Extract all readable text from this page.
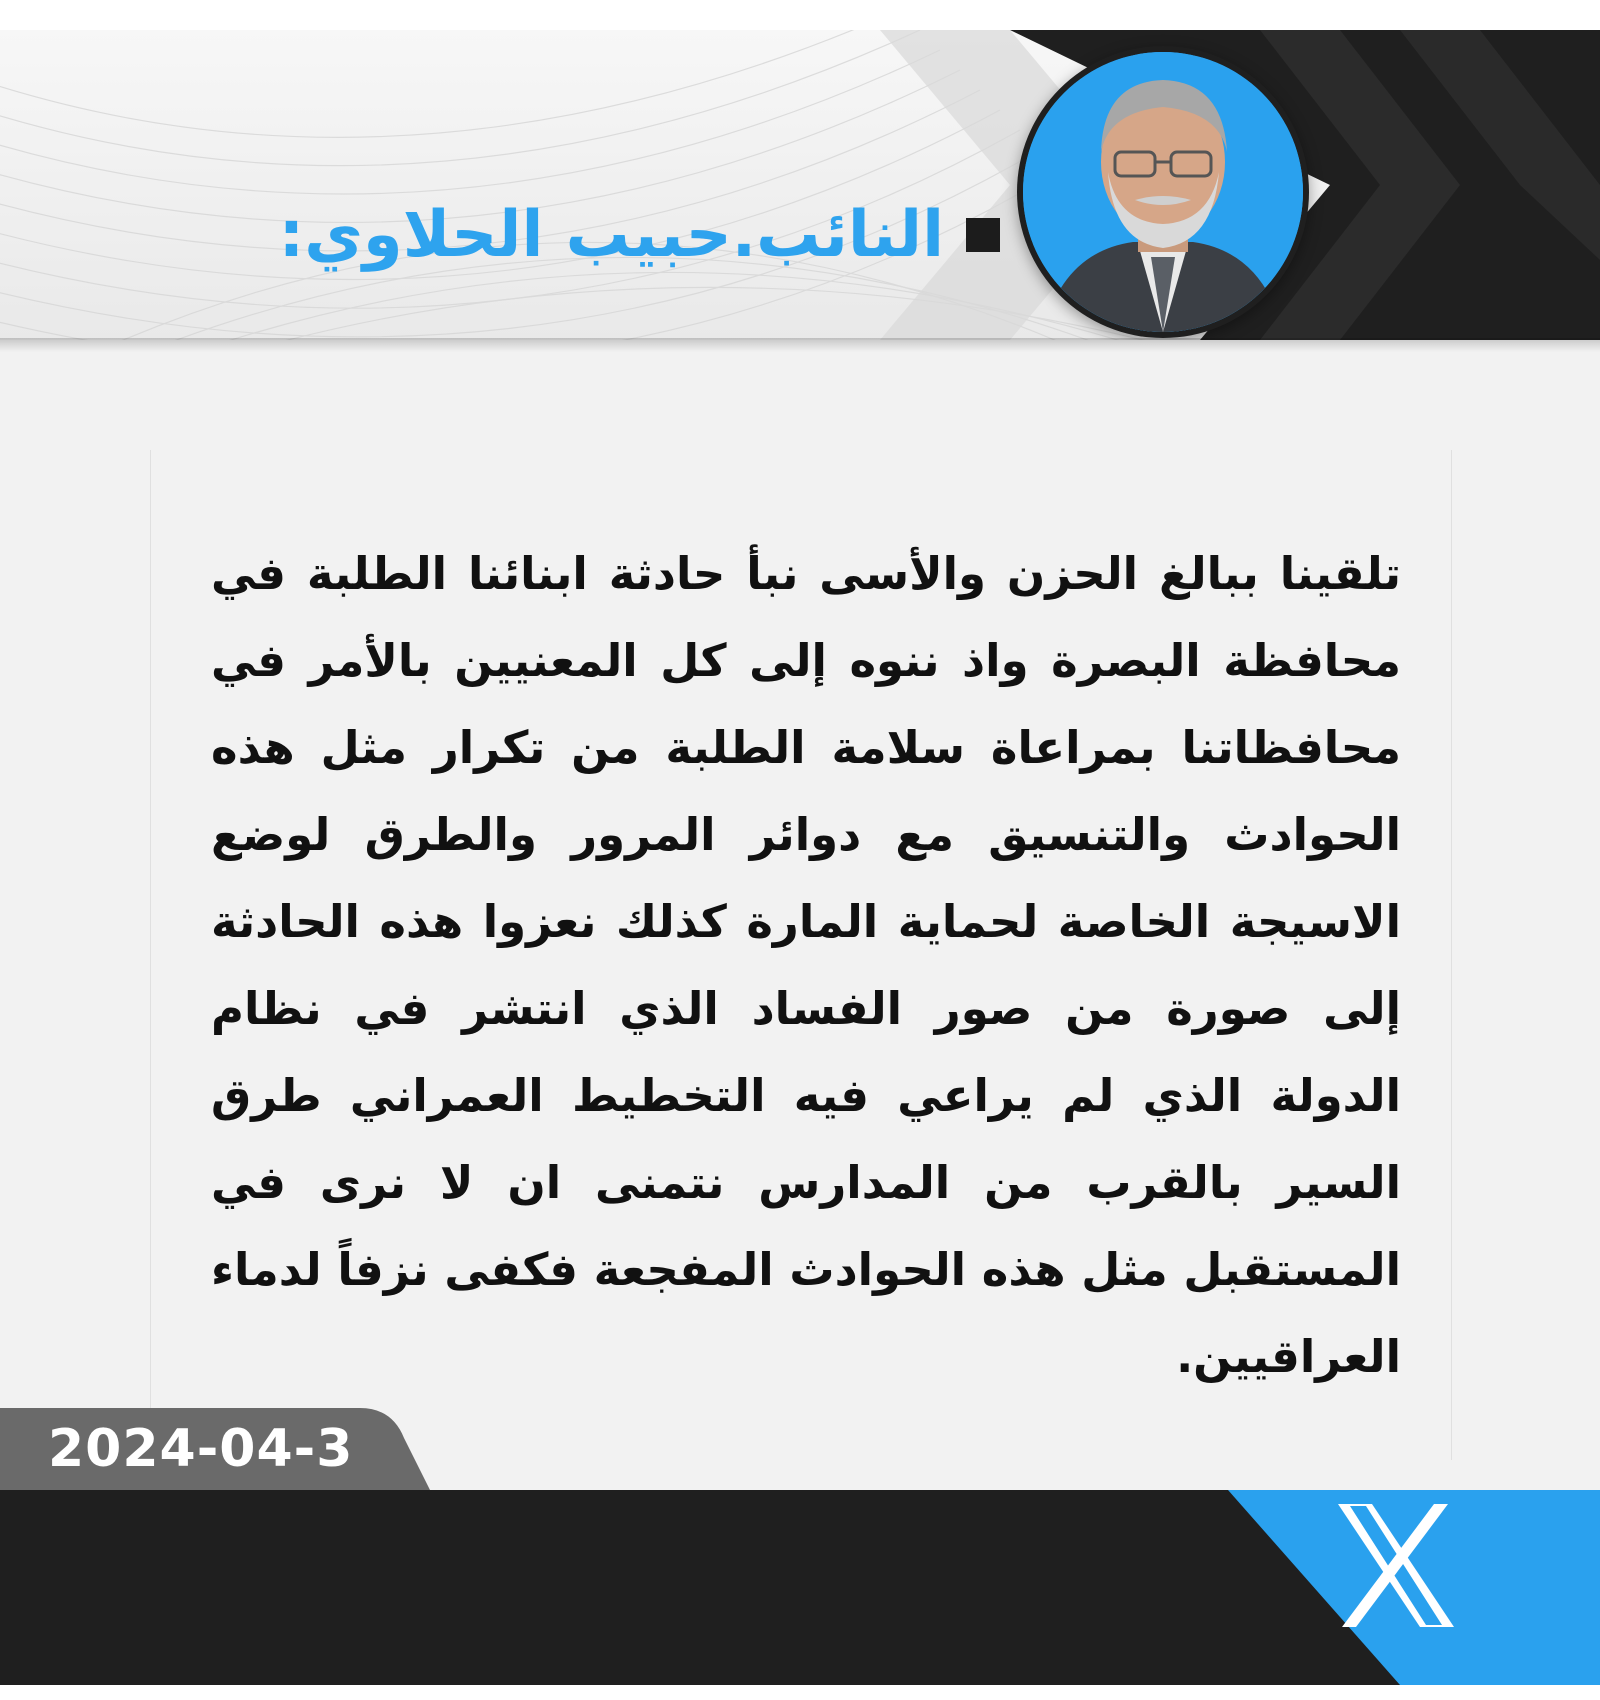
النائب.حبيب الحلاوي:
تلقينا ببالغ الحزن والأسى نبأ حادثة ابنائنا الطلبة في محافظة البصرة واذ ننوه إلى كل المعنيين بالأمر في محافظاتنا بمراعاة سلامة الطلبة من تكرار مثل هذه الحوادث والتنسيق مع دوائر المرور والطرق لوضع الاسيجة الخاصة لحماية المارة كذلك نعزوا هذه الحادثة إلى صورة من صور الفساد الذي انتشر في نظام الدولة الذي لم يراعي فيه التخطيط العمراني طرق السير بالقرب من المدارس نتمنى ان لا نرى في المستقبل مثل هذه الحوادث المفجعة فكفى نزفاً لدماء العراقيين.
2024-04-3
